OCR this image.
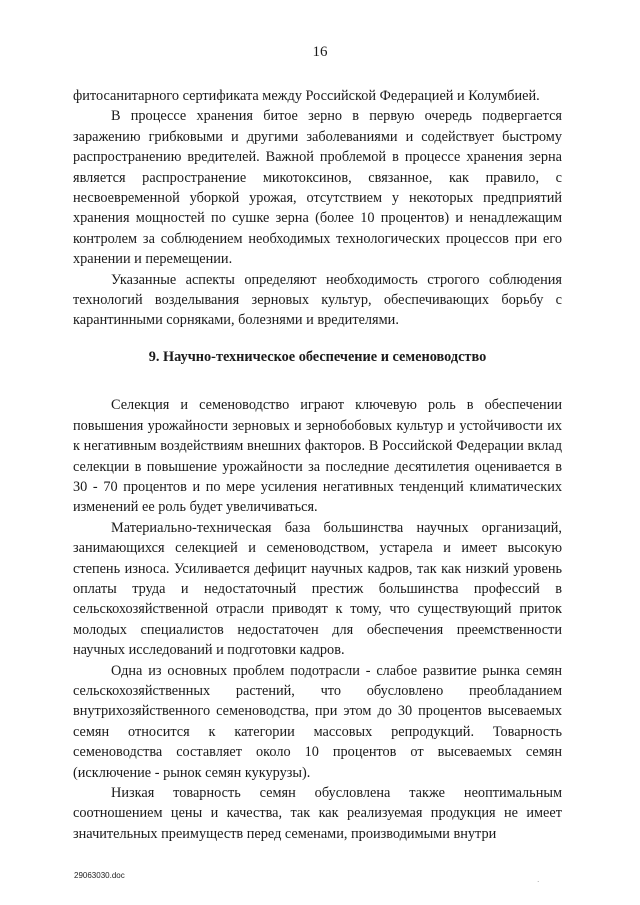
16

фитосанитарного сертификата между Российской Федерацией и Колумбией.

В процессе хранения битое зерно в первую очередь подвергается заражению грибковыми и другими заболеваниями и содействует быстрому распространению вредителей. Важной проблемой в процессе хранения зерна является распространение микотоксинов, связанное, как правило, с несвоевременной уборкой урожая, отсутствием у некоторых предприятий хранения мощностей по сушке зерна (более 10 процентов) и ненадлежащим контролем за соблюдением необходимых технологических процессов при его хранении и перемещении.

Указанные аспекты определяют необходимость строгого соблюдения технологий возделывания зерновых культур, обеспечивающих борьбу с карантинными сорняками, болезнями и вредителями.

9. Научно-техническое обеспечение и семеноводство

Селекция и семеноводство играют ключевую роль в обеспечении повышения урожайности зерновых и зернобобовых культур и устойчивости их к негативным воздействиям внешних факторов. В Российской Федерации вклад селекции в повышение урожайности за последние десятилетия оценивается в 30 - 70 процентов и по мере усиления негативных тенденций климатических изменений ее роль будет увеличиваться.

Материально-техническая база большинства научных организаций, занимающихся селекцией и семеноводством, устарела и имеет высокую степень износа. Усиливается дефицит научных кадров, так как низкий уровень оплаты труда и недостаточный престиж большинства профессий в сельскохозяйственной отрасли приводят к тому, что существующий приток молодых специалистов недостаточен для обеспечения преемственности научных исследований и подготовки кадров.

Одна из основных проблем подотрасли - слабое развитие рынка семян сельскохозяйственных растений, что обусловлено преобладанием внутрихозяйственного семеноводства, при этом до 30 процентов высеваемых семян относится к категории массовых репродукций. Товарность семеноводства составляет около 10 процентов от высеваемых семян (исключение - рынок семян кукурузы).

Низкая товарность семян обусловлена также неоптимальным соотношением цены и качества, так как реализуемая продукция не имеет значительных преимуществ перед семенами, производимыми внутри

29063030.doc
·
